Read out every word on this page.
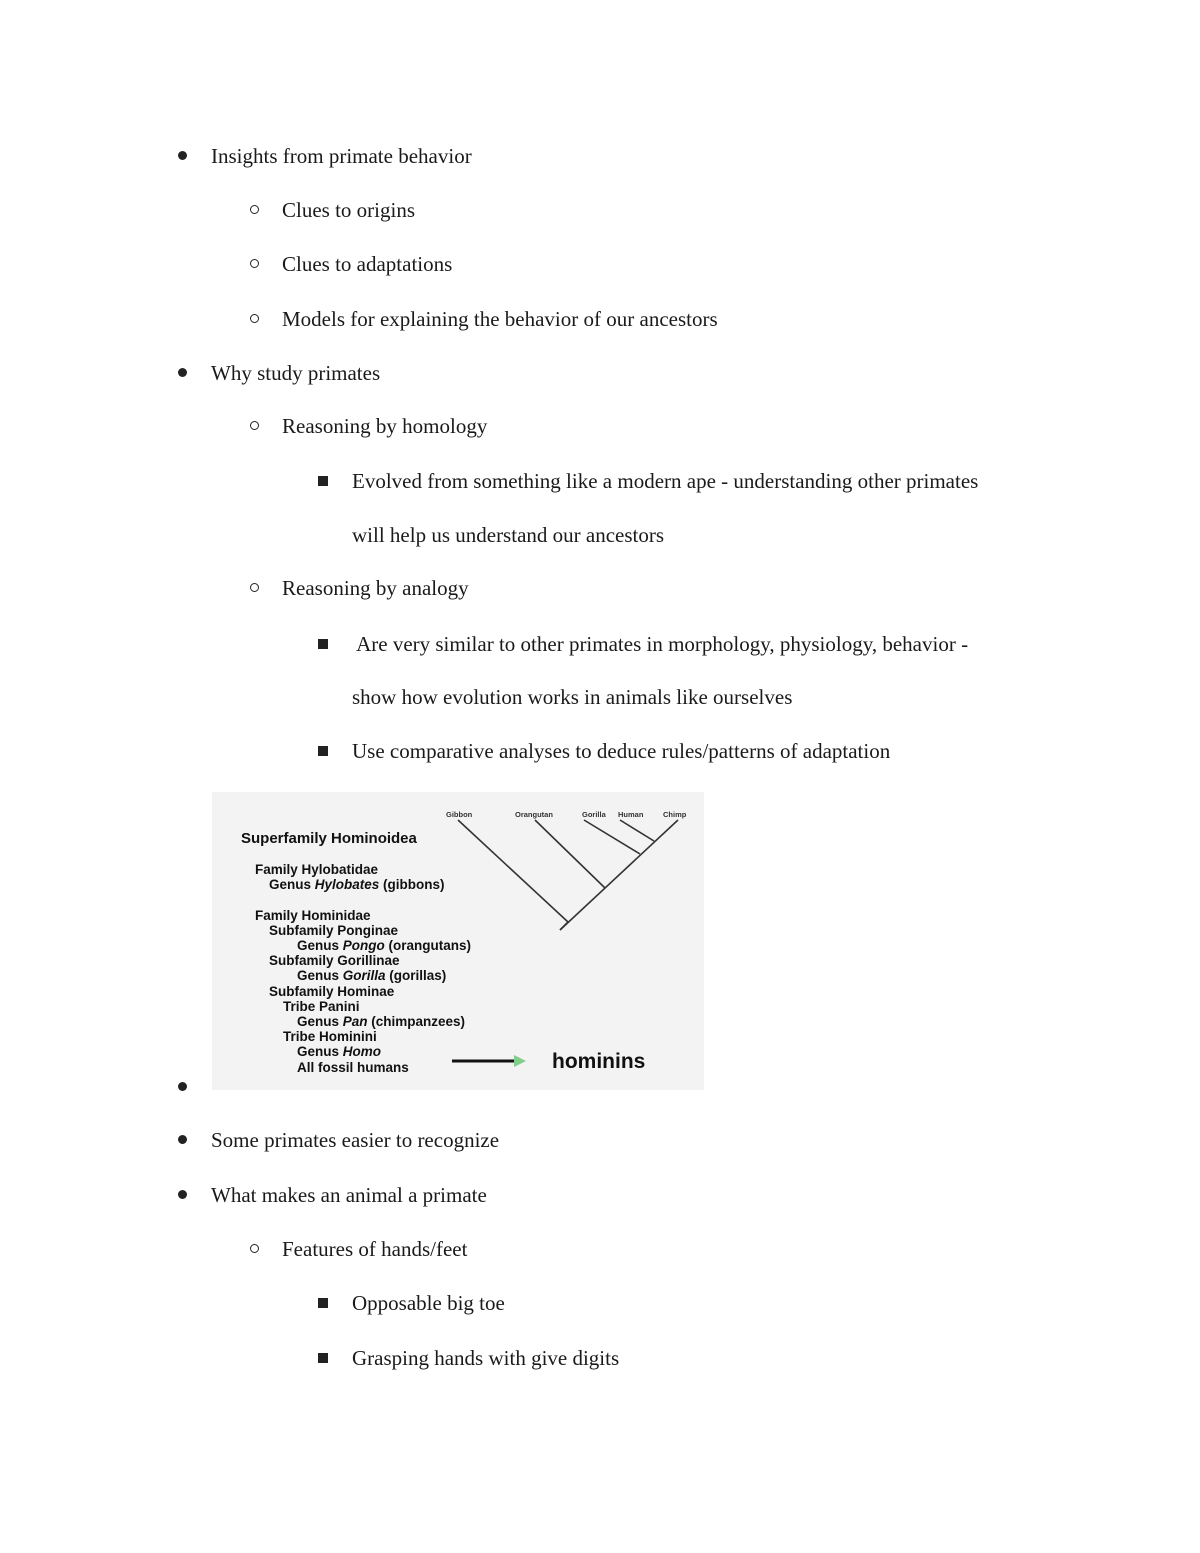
Insights from primate behavior
Clues to origins
Clues to adaptations
Models for explaining the behavior of our ancestors
Why study primates
Reasoning by homology
Evolved from something like a modern ape - understanding other primates
will help us understand our ancestors
Reasoning by analogy
Are very similar to other primates in morphology, physiology, behavior -
show how evolution works in animals like ourselves
Use comparative analyses to deduce rules/patterns of adaptation
Gibbon	Orangutan	Gorilla Human	Chimp
Superfamily Hominoidea
Family Hylobatidae
Genus Hylobates (gibbons)
Family Hominidae
Subfamily Ponginae
Genus Pongo (orangutans)
Subfamily Gorillinae
Genus Gorilla (gorillas)
Subfamily Hominae
Tribe Panini
Genus Pan (chimpanzees)
Tribe Hominini
Genus Homo
All fossil humans	hominins
Some primates easier to recognize
What makes an animal a primate
Features of hands/feet
Opposable big toe
Grasping hands with give digits
